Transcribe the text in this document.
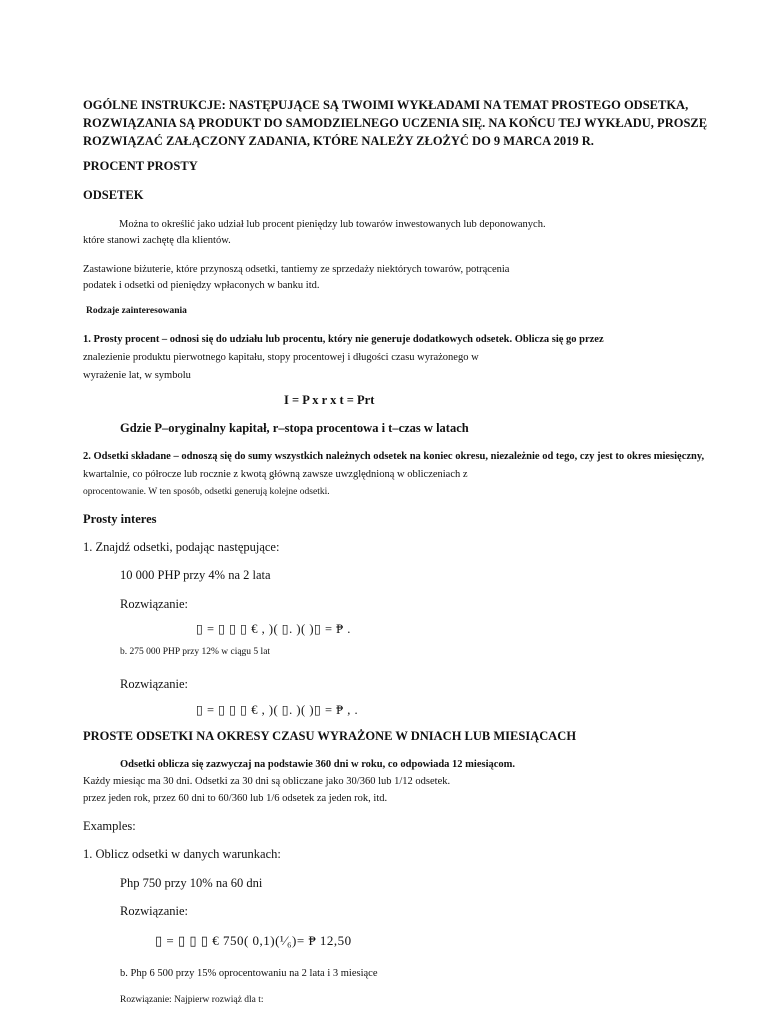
OGÓLNE INSTRUKCJE: NASTĘPUJĄCE SĄ TWOIMI WYKŁADAMI NA TEMAT PROSTEGO ODSETKA, ROZWIĄZANIA SĄ PRODUKT DO SAMODZIELNEGO UCZENIA SIĘ. NA KOŃCU TEJ WYKŁADU, PROSZĘ ROZWIĄZAĆ ZAŁĄCZONY ZADANIA, KTÓRE NALEŻY ZŁOŻYĆ DO 9 MARCA 2019 R.
PROCENT PROSTY
ODSETEK
Można to określić jako udział lub procent pieniędzy lub towarów inwestowanych lub deponowanych.
które stanowi zachętę dla klientów.
Zastawione biżuterie, które przynoszą odsetki, tantiemy ze sprzedaży niektórych towarów, potrącenia
podatek i odsetki od pieniędzy wpłaconych w banku itd.
Rodzaje zainteresowania
1. Prosty procent – odnosi się do udziału lub procentu, który nie generuje dodatkowych odsetek. Oblicza się go przez
znalezienie produktu pierwotnego kapitału, stopy procentowej i długości czasu wyrażonego w
wyrażenie lat, w symbolu
I = P x r x t = Prt
Gdzie P–oryginalny kapitał, r–stopa procentowa i t–czas w latach
2. Odsetki składane – odnoszą się do sumy wszystkich należnych odsetek na koniec okresu, niezależnie od tego, czy jest to okres miesięczny,
kwartalnie, co półrocze lub rocznie z kwotą główną zawsze uwzględnioną w obliczeniach z
oprocentowanie. W ten sposób, odsetki generują kolejne odsetki.
Prosty interes
1. Znajdź odsetki, podając następujące:
10 000 PHP przy 4% na 2 lata
Rozwiązanie:
▯ = ▯ ▯ ▯ € , )( ▯. )( )▯ = ₱ .
b. 275 000 PHP przy 12% w ciągu 5 lat
Rozwiązanie:
▯ = ▯ ▯ ▯ € , )( ▯. )( )▯ = ₱ , .
PROSTE ODSETKI NA OKRESY CZASU WYRAŻONE W DNIACH LUB MIESIĄCACH
Odsetki oblicza się zazwyczaj na podstawie 360 dni w roku, co odpowiada 12 miesiącom.
Każdy miesiąc ma 30 dni. Odsetki za 30 dni są obliczane jako 30/360 lub 1/12 odsetek.
przez jeden rok, przez 60 dni to 60/360 lub 1/6 odsetek za jeden rok, itd.
Examples:
1. Oblicz odsetki w danych warunkach:
Php 750 przy 10% na 60 dni
Rozwiązanie:
▯ = ▯ ▯ ▯ € 750( 0,1)(¹⁄₆)= ₱ 12,50
b. Php 6 500 przy 15% oprocentowaniu na 2 lata i 3 miesiące
Rozwiązanie: Najpierw rozwiąż dla t:
